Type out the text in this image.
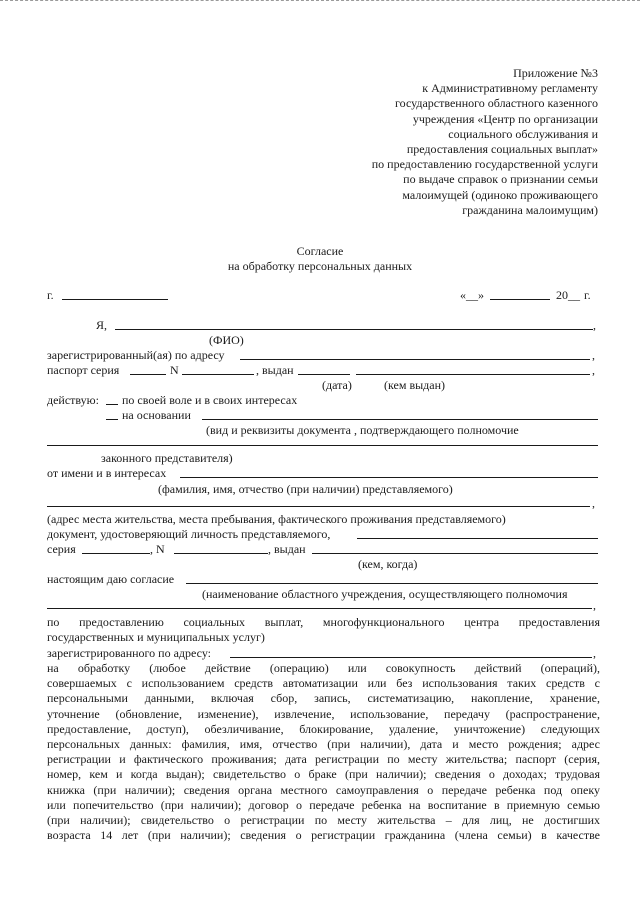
Приложение №3
к Административному регламенту
государственного областного казенного
учреждения «Центр по организации
социального обслуживания и
предоставления социальных выплат»
по предоставлению государственной услуги
по выдаче справок о признании семьи
малоимущей (одиноко проживающего
гражданина малоимущим)
Согласие
на обработку персональных данных
г.	«__»	20__ г.
Я,	,
(ФИО)
зарегистрированный(ая) по адресу	,
паспорт серия	N	, выдан	,
(дата)	(кем выдан)
действую: по своей воле и в своих интересах
на основании
(вид и реквизиты документа , подтверждающего полномочие
законного представителя)
от имени и в интересах
(фамилия, имя, отчество (при наличии) представляемого)
,
(адрес места жительства, места пребывания, фактического проживания представляемого)
документ, удостоверяющий личность представляемого,
серия	, N	, выдан
(кем, когда)
настоящим даю согласие
(наименование областного учреждения, осуществляющего полномочия
,
по предоставлению социальных выплат, многофункционального центра предоставления
государственных и муниципальных услуг)
зарегистрированного по адресу:	,
на обработку (любое действие (операцию) или совокупность действий (операций),
совершаемых с использованием средств автоматизации или без использования таких средств с
персональными данными, включая сбор, запись, систематизацию, накопление, хранение,
уточнение (обновление, изменение), извлечение, использование, передачу (распространение,
предоставление, доступ), обезличивание, блокирование, удаление, уничтожение) следующих
персональных данных: фамилия, имя, отчество (при наличии), дата и место рождения; адрес
регистрации и фактического проживания; дата регистрации по месту жительства; паспорт (серия,
номер, кем и когда выдан); свидетельство о браке (при наличии); сведения о доходах; трудовая
книжка (при наличии); сведения органа местного самоуправления о передаче ребенка под опеку
или попечительство (при наличии); договор о передаче ребенка на воспитание в приемную семью
(при наличии); свидетельство о регистрации по месту жительства – для лиц, не достигших
возраста 14 лет (при наличии); сведения о регистрации гражданина (члена семьи) в качестве
